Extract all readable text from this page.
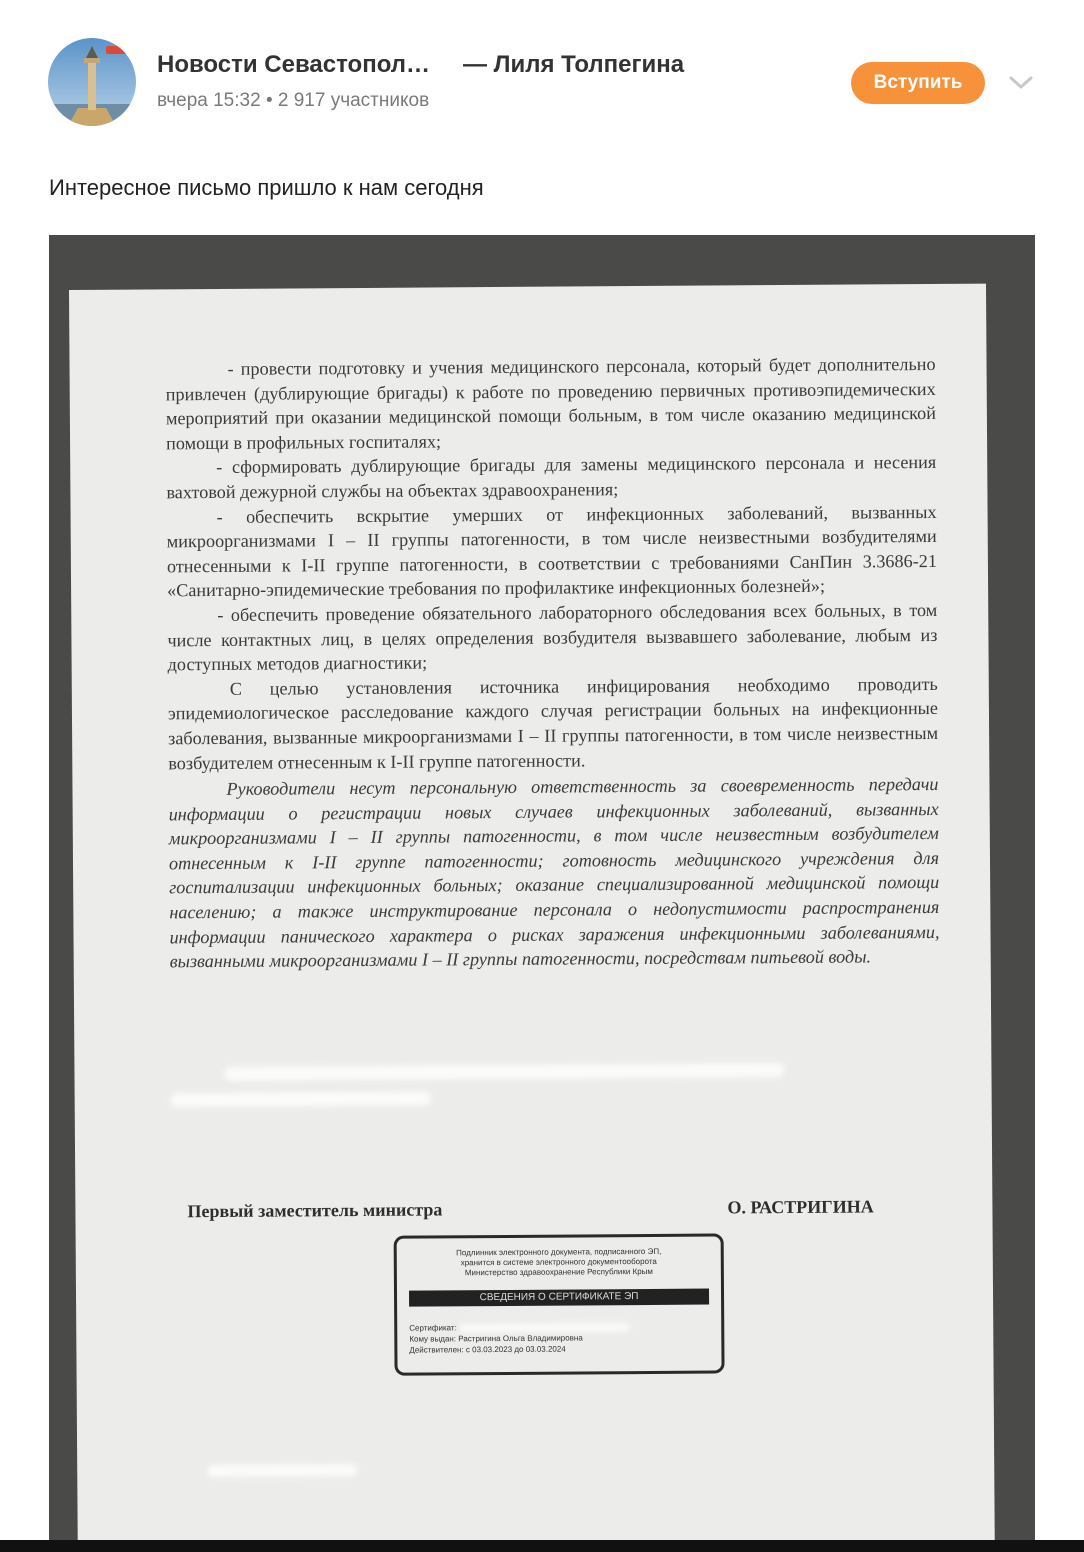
Новости Севастопол… — Лиля Толпегина
вчера 15:32 • 2 917 участников
Вступить
Интересное письмо пришло к нам сегодня

- провести подготовку и учения медицинского персонала, который будет дополнительно привлечен (дублирующие бригады) к работе по проведению первичных противоэпидемических мероприятий при оказании медицинской помощи больным, в том числе оказанию медицинской помощи в профильных госпиталях;

- сформировать дублирующие бригады для замены медицинского персонала и несения вахтовой дежурной службы на объектах здравоохранения;

- обеспечить вскрытие умерших от инфекционных заболеваний, вызванных микроорганизмами I – II группы патогенности, в том числе неизвестными возбудителями отнесенными к I-II группе патогенности, в соответствии с требованиями СанПин 3.3686-21 «Санитарно-эпидемические требования по профилактике инфекционных болезней»;

- обеспечить проведение обязательного лабораторного обследования всех больных, в том числе контактных лиц, в целях определения возбудителя вызвавшего заболевание, любым из доступных методов диагностики;

С целью установления источника инфицирования необходимо проводить эпидемиологическое расследование каждого случая регистрации больных на инфекционные заболевания, вызванные микроорганизмами I – II группы патогенности, в том числе неизвестным возбудителем отнесенным к I-II группе патогенности.

Руководители несут персональную ответственность за своевременность передачи информации о регистрации новых случаев инфекционных заболеваний, вызванных микроорганизмами I – II группы патогенности, в том числе неизвестным возбудителем отнесенным к I-II группе патогенности; готовность медицинского учреждения для госпитализации инфекционных больных; оказание специализированной медицинской помощи населению; а также инструктирование персонала о недопустимости распространения информации панического характера о рисках заражения инфекционными заболеваниями, вызванными микроорганизмами I – II группы патогенности, посредствам питьевой воды.

Первый заместитель министра	О. РАСТРИГИНА
Подлинник электронного документа, подписанного ЭП,
хранится в системе электронного документооборота
Министерство здравоохранение Республики Крым
СВЕДЕНИЯ О СЕРТИФИКАТЕ ЭП
Сертификат:
Кому выдан: Растригина Ольга Владимировна
Действителен: с 03.03.2023 до 03.03.2024
